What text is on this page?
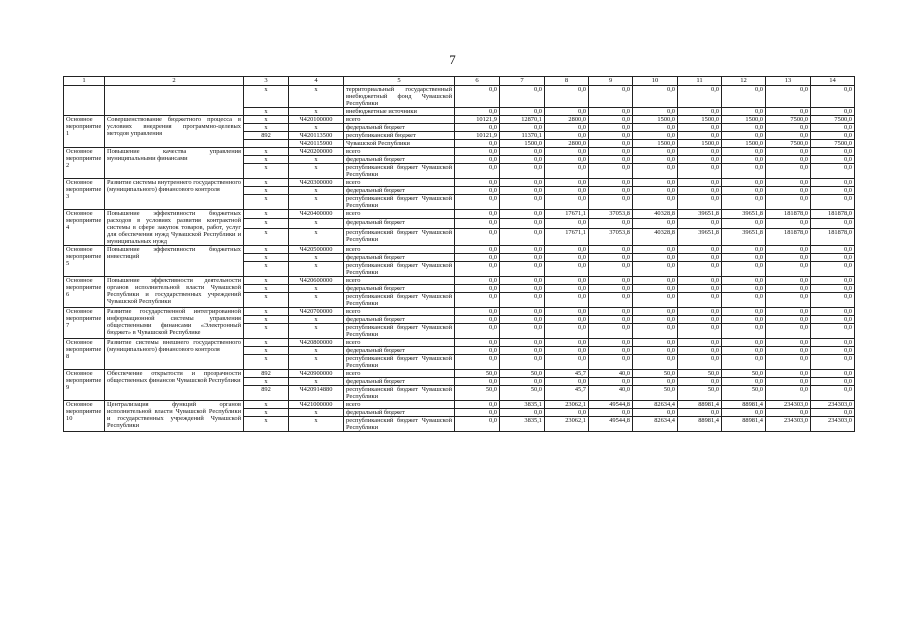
7
1	2	3	4	5	6	7	8	9	10	11	12	13	14
		x	x	территориальный государственный внебюджетный фонд Чувашской Республики	0,0	0,0	0,0	0,0	0,0	0,0	0,0	0,0	0,0
		x	x	внебюджетные источники	0,0	0,0	0,0	0,0	0,0	0,0	0,0	0,0	0,0
Основное мероприятие 1	Совершенствование бюджетного процесса в условиях внедрения программно-целевых методов управления	x	Ч420100000	всего	10121,9	12870,1	2800,0	0,0	1500,0	1500,0	1500,0	7500,0	7500,0
		x	x	федеральный бюджет	0,0	0,0	0,0	0,0	0,0	0,0	0,0	0,0	0,0
		892	Ч420113500	республиканский бюджет	10121,9	11370,1	0,0	0,0	0,0	0,0	0,0	0,0	0,0
			Ч420115900	Чувашской Республики	0,0	1500,0	2800,0	0,0	1500,0	1500,0	1500,0	7500,0	7500,0
Основное мероприятие 2	Повышение качества управления муниципальными финансами	x	Ч420200000	всего	0,0	0,0	0,0	0,0	0,0	0,0	0,0	0,0	0,0
		x	x	федеральный бюджет	0,0	0,0	0,0	0,0	0,0	0,0	0,0	0,0	0,0
		x	x	республиканский бюджет Чувашской Республики	0,0	0,0	0,0	0,0	0,0	0,0	0,0	0,0	0,0
Основное мероприятие 3	Развитие системы внутреннего государственного (муниципального) финансового контроля	x	Ч420300000	всего	0,0	0,0	0,0	0,0	0,0	0,0	0,0	0,0	0,0
		x	x	федеральный бюджет	0,0	0,0	0,0	0,0	0,0	0,0	0,0	0,0	0,0
		x	x	республиканский бюджет Чувашской Республики	0,0	0,0	0,0	0,0	0,0	0,0	0,0	0,0	0,0
Основное мероприятие 4	Повышение эффективности бюджетных расходов в условиях развития контрактной системы в сфере закупок товаров, работ, услуг для обеспечения нужд Чувашской Республики и муниципальных нужд	x	Ч420400000	всего	0,0	0,0	17671,1	37053,8	40328,8	39651,8	39651,8	181878,0	181878,0
		x	x	федеральный бюджет	0,0	0,0	0,0	0,0	0,0	0,0	0,0	0,0	0,0
		x	x	республиканский бюджет Чувашской Республики	0,0	0,0	17671,1	37053,8	40328,8	39651,8	39651,8	181878,0	181878,0
Основное мероприятие 5	Повышение эффективности бюджетных инвестиций	x	Ч420500000	всего	0,0	0,0	0,0	0,0	0,0	0,0	0,0	0,0	0,0
		x	x	федеральный бюджет	0,0	0,0	0,0	0,0	0,0	0,0	0,0	0,0	0,0
		x	x	республиканский бюджет Чувашской Республики	0,0	0,0	0,0	0,0	0,0	0,0	0,0	0,0	0,0
Основное мероприятие 6	Повышение эффективности деятельности органов исполнительной власти Чувашской Республики и государственных учреждений Чувашской Республики	x	Ч420600000	всего	0,0	0,0	0,0	0,0	0,0	0,0	0,0	0,0	0,0
		x	x	федеральный бюджет	0,0	0,0	0,0	0,0	0,0	0,0	0,0	0,0	0,0
		x	x	республиканский бюджет Чувашской Республики	0,0	0,0	0,0	0,0	0,0	0,0	0,0	0,0	0,0
Основное мероприятие 7	Развитие государственной интегрированной информационной системы управления общественными финансами «Электронный бюджет» в Чувашской Республике	x	Ч420700000	всего	0,0	0,0	0,0	0,0	0,0	0,0	0,0	0,0	0,0
		x	x	федеральный бюджет	0,0	0,0	0,0	0,0	0,0	0,0	0,0	0,0	0,0
		x	x	республиканский бюджет Чувашской Республики	0,0	0,0	0,0	0,0	0,0	0,0	0,0	0,0	0,0
Основное мероприятие 8	Развитие системы внешнего государственного (муниципального) финансового контроля	x	Ч420800000	всего	0,0	0,0	0,0	0,0	0,0	0,0	0,0	0,0	0,0
		x	x	федеральный бюджет	0,0	0,0	0,0	0,0	0,0	0,0	0,0	0,0	0,0
		x	x	республиканский бюджет Чувашской Республики	0,0	0,0	0,0	0,0	0,0	0,0	0,0	0,0	0,0
Основное мероприятие 9	Обеспечение открытости и прозрачности общественных финансов Чувашской Республики	892	Ч420900000	всего	50,0	50,0	45,7	40,0	50,0	50,0	50,0	0,0	0,0
		x	x	федеральный бюджет	0,0	0,0	0,0	0,0	0,0	0,0	0,0	0,0	0,0
		892	Ч420914880	республиканский бюджет Чувашской Республики	50,0	50,0	45,7	40,0	50,0	50,0	50,0	0,0	0,0
Основное мероприятие 10	Централизация функций органов исполнительной власти Чувашской Республики и государственных учреждений Чувашской Республики	x	Ч421000000	всего	0,0	3835,1	23062,1	49544,8	82634,4	88981,4	88981,4	234303,0	234303,0
		x	x	федеральный бюджет	0,0	0,0	0,0	0,0	0,0	0,0	0,0	0,0	0,0
		x	x	республиканский бюджет Чувашской Республики	0,0	3835,1	23062,1	49544,8	82634,4	88981,4	88981,4	234303,0	234303,0
